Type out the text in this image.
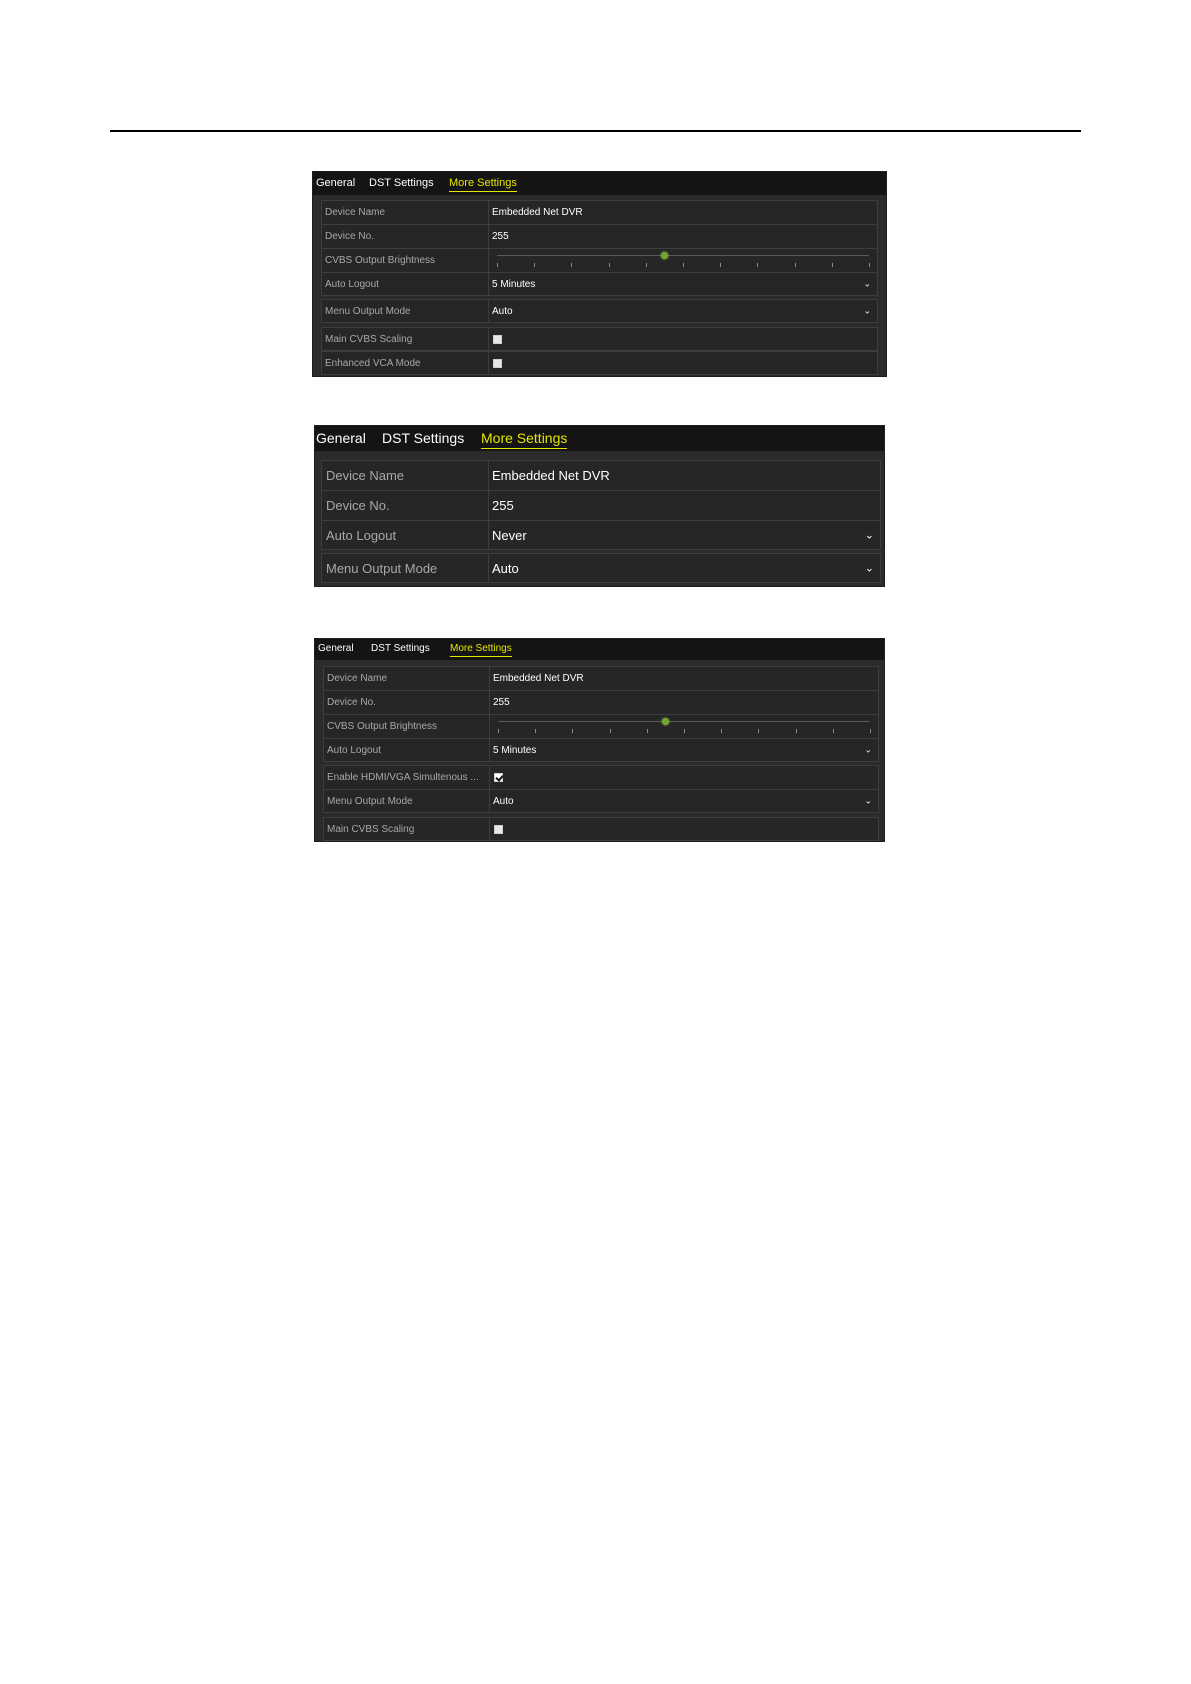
General DST Settings More Settings
Device Name	Embedded Net DVR
Device No.	255
CVBS Output Brightness
Auto Logout	5 Minutes	⌄
Menu Output Mode	Auto	⌄
Main CVBS Scaling
Enhanced VCA Mode
General DST Settings More Settings
Device Name	Embedded Net DVR
Device No.	255
Auto Logout	Never	⌄
Menu Output Mode	Auto	⌄
General DST Settings More Settings
Device Name	Embedded Net DVR
Device No.	255
CVBS Output Brightness
Auto Logout	5 Minutes	⌄
Enable HDMI/VGA Simultenous ...
Menu Output Mode	Auto	⌄
Main CVBS Scaling
